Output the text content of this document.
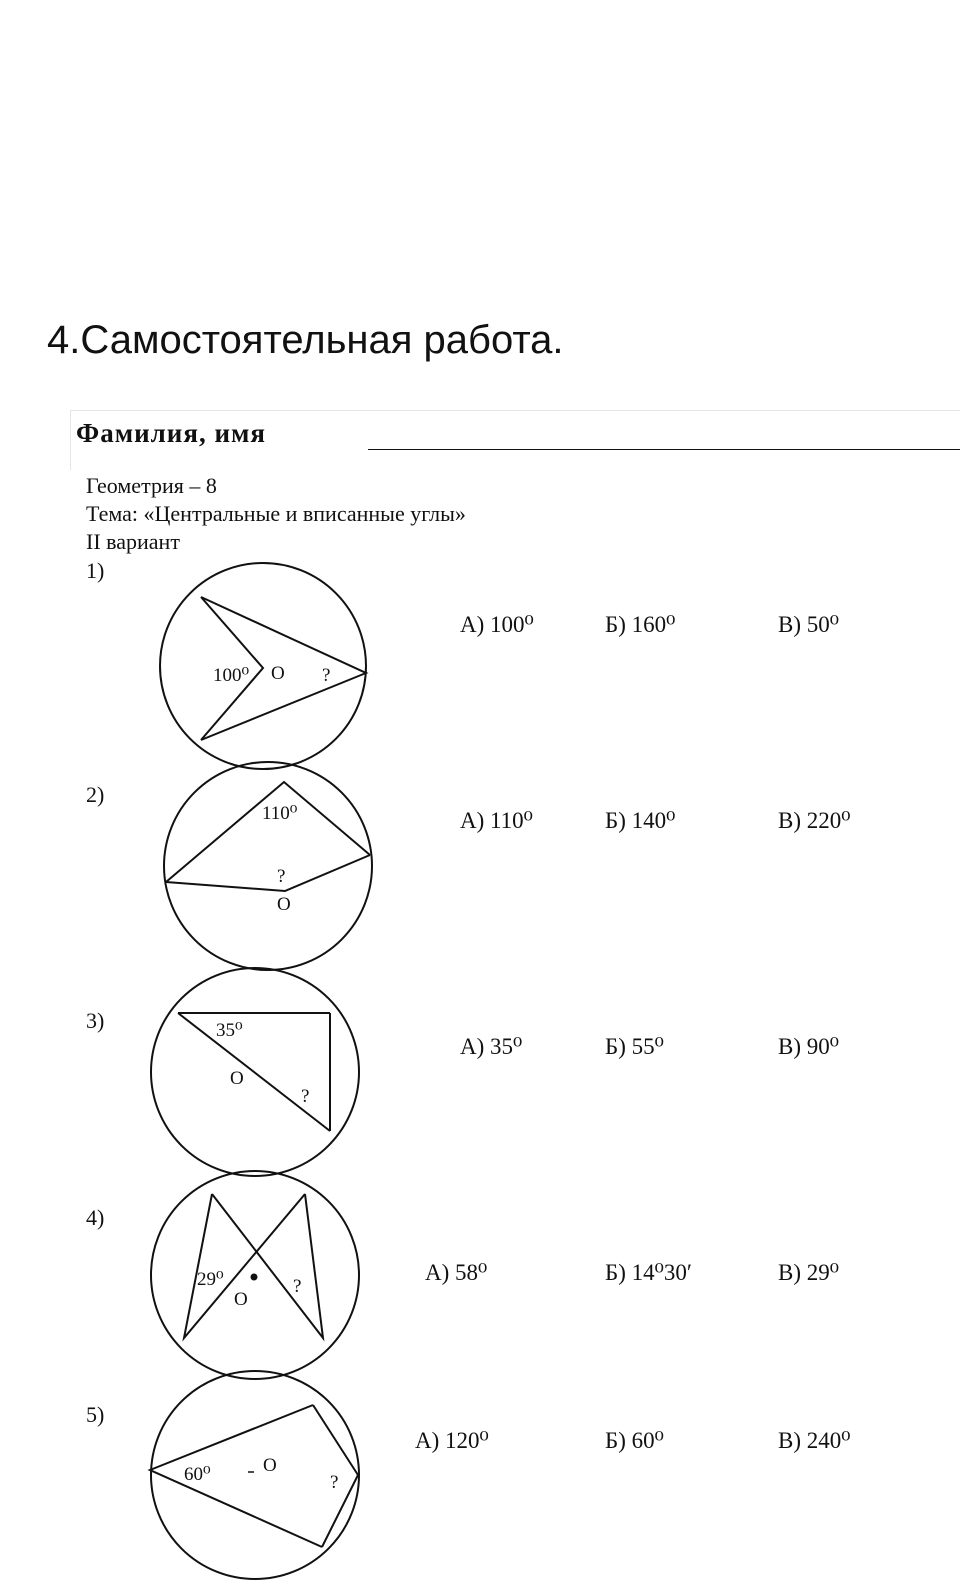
4.Самостоятельная работа.
Фамилия, имя
Геометрия – 8
Тема: «Центральные и вписанные углы»
II вариант
1)
2)
3)
4)
5)
А) 100⁰	Б) 160⁰	В) 50⁰
А) 110⁰	Б) 140⁰	В) 220⁰
А) 35⁰	Б) 55⁰	В) 90⁰
А) 58⁰	Б) 14⁰30′	В) 29⁰
А) 120⁰	Б) 60⁰	В) 240⁰
100⁰ O ?
110⁰
?
O
35⁰
O
?
29⁰
O
?
60⁰	O
?
